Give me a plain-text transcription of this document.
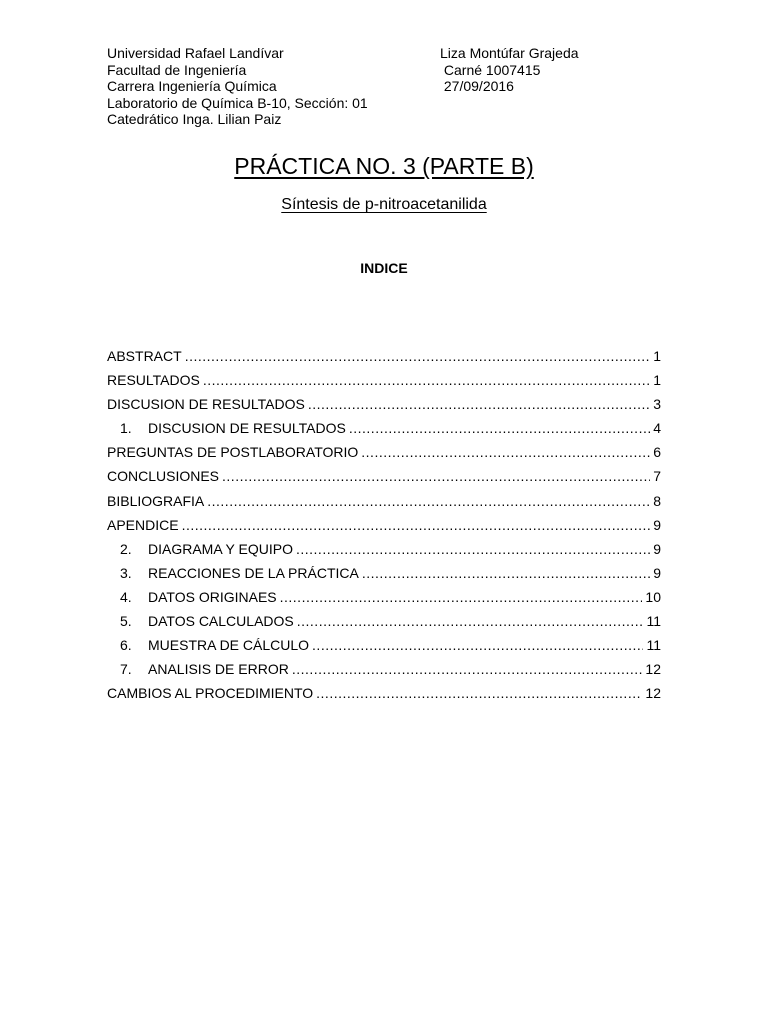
Universidad Rafael Landívar
Facultad de Ingeniería
Carrera Ingeniería Química
Laboratorio de Química B-10, Sección: 01
Catedrático Inga. Lilian Paiz
Liza Montúfar Grajeda
Carné 1007415
27/09/2016
PRÁCTICA NO. 3 (PARTE B)
Síntesis de p-nitroacetanilida
INDICE
ABSTRACT .....	1
RESULTADOS .....	1
DISCUSION DE RESULTADOS .....	3
1.	DISCUSION DE RESULTADOS .....	4
PREGUNTAS DE POSTLABORATORIO .....	6
CONCLUSIONES .....	7
BIBLIOGRAFIA .....	8
APENDICE .....	9
2.	DIAGRAMA Y EQUIPO .....	9
3.	REACCIONES DE LA PRÁCTICA .....	9
4.	DATOS ORIGINAES .....	10
5.	DATOS CALCULADOS .....	11
6.	MUESTRA DE CÁLCULO .....	11
7.	ANALISIS DE ERROR .....	12
CAMBIOS AL PROCEDIMIENTO .....	12
